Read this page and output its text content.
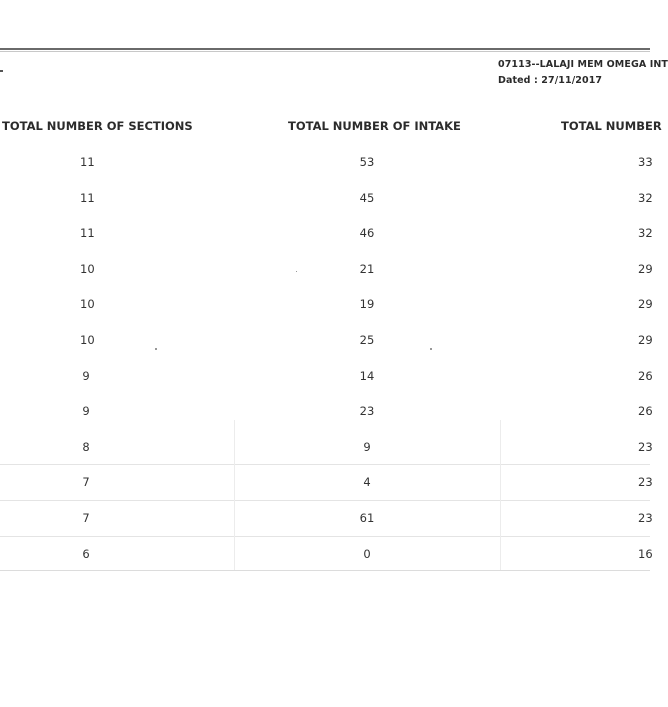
07113--LALAJI MEM OMEGA INT
Dated : 27/11/2017
TOTAL NUMBER OF SECTIONS	TOTAL NUMBER OF INTAKE	TOTAL NUMBER
11	53	33
11	45	32
11	46	32
10	21	29
10	19	29
10	25	29
9	14	26
9	23	26
8	9	23
7	4	23
7	61	23
6	0	16
